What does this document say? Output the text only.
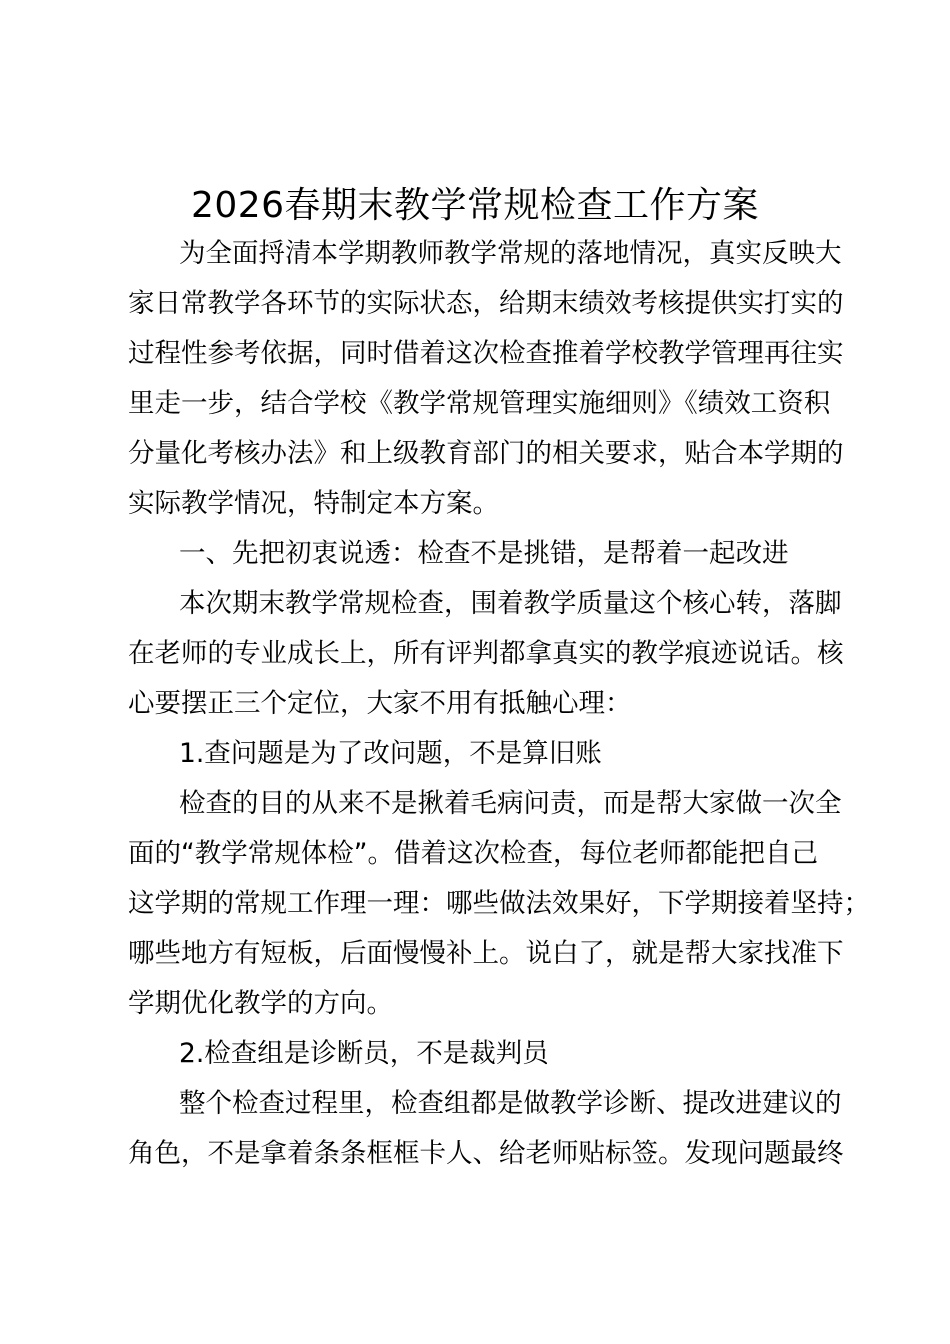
2026春期末教学常规检查工作方案
为全面捋清本学期教师教学常规的落地情况，真实反映大
家日常教学各环节的实际状态，给期末绩效考核提供实打实的
过程性参考依据，同时借着这次检查推着学校教学管理再往实
里走一步，结合学校《教学常规管理实施细则》《绩效工资积
分量化考核办法》和上级教育部门的相关要求，贴合本学期的
实际教学情况，特制定本方案。
一、先把初衷说透：检查不是挑错，是帮着一起改进
本次期末教学常规检查，围着教学质量这个核心转，落脚
在老师的专业成长上，所有评判都拿真实的教学痕迹说话。核
心要摆正三个定位，大家不用有抵触心理：
1.查问题是为了改问题，不是算旧账
检查的目的从来不是揪着毛病问责，而是帮大家做一次全
面的“教学常规体检”。借着这次检查，每位老师都能把自己
这学期的常规工作理一理：哪些做法效果好，下学期接着坚持；
哪些地方有短板，后面慢慢补上。说白了，就是帮大家找准下
学期优化教学的方向。
2.检查组是诊断员，不是裁判员
整个检查过程里，检查组都是做教学诊断、提改进建议的
角色，不是拿着条条框框卡人、给老师贴标签。发现问题最终
